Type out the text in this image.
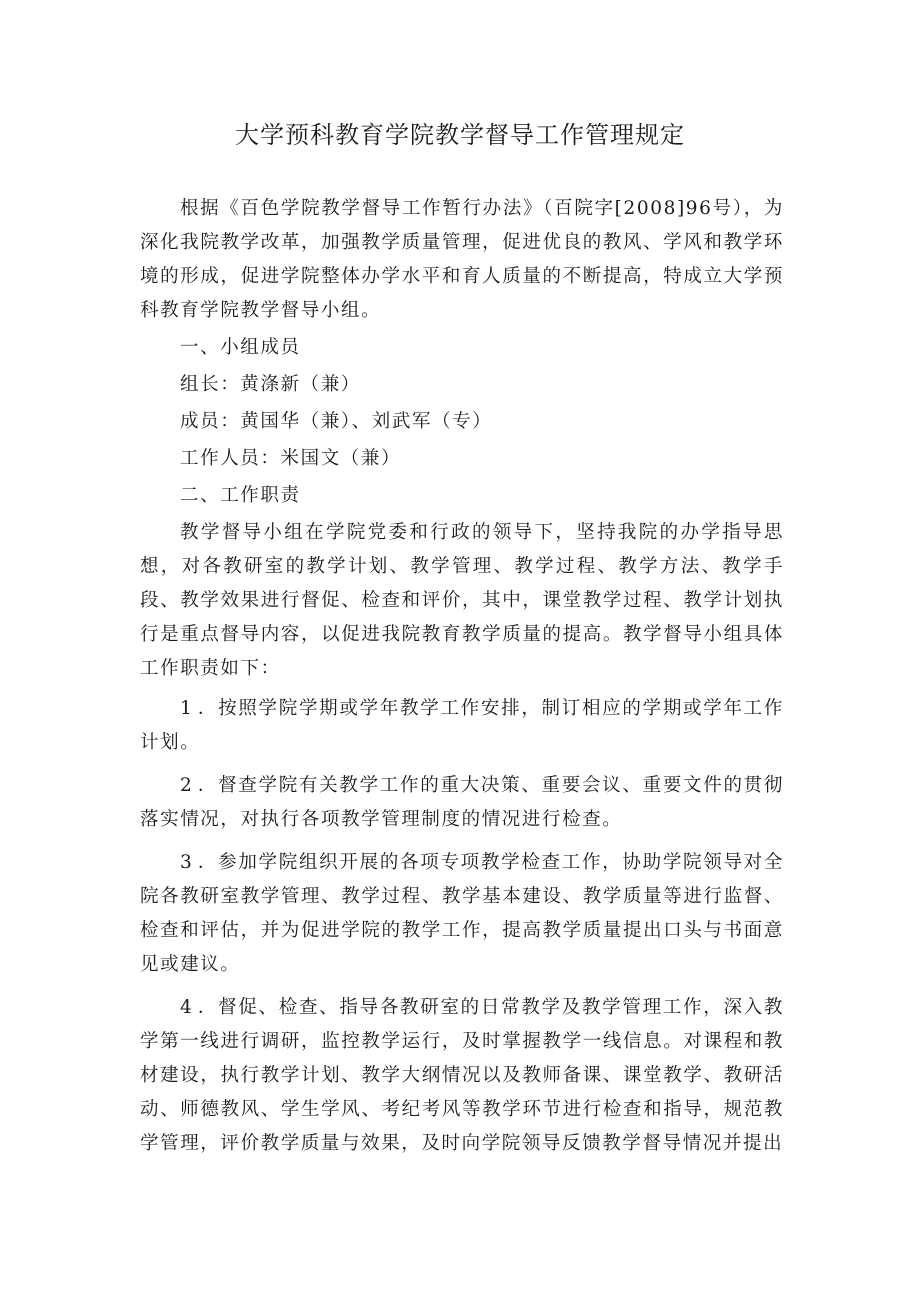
大学预科教育学院教学督导工作管理规定

根据《百色学院教学督导工作暂行办法》（百院字[2008]96号），为深化我院教学改革，加强教学质量管理，促进优良的教风、学风和教学环境的形成，促进学院整体办学水平和育人质量的不断提高，特成立大学预科教育学院教学督导小组。

一、小组成员

组长：黄涤新（兼）

成员：黄国华（兼）、刘武军（专）

工作人员：米国文（兼）

二、工作职责

教学督导小组在学院党委和行政的领导下，坚持我院的办学指导思想，对各教研室的教学计划、教学管理、教学过程、教学方法、教学手段、教学效果进行督促、检查和评价，其中，课堂教学过程、教学计划执行是重点督导内容，以促进我院教育教学质量的提高。教学督导小组具体工作职责如下：

1．按照学院学期或学年教学工作安排，制订相应的学期或学年工作计划。

2．督查学院有关教学工作的重大决策、重要会议、重要文件的贯彻落实情况，对执行各项教学管理制度的情况进行检查。

3．参加学院组织开展的各项专项教学检查工作，协助学院领导对全院各教研室教学管理、教学过程、教学基本建设、教学质量等进行监督、检查和评估，并为促进学院的教学工作，提高教学质量提出口头与书面意见或建议。

4．督促、检查、指导各教研室的日常教学及教学管理工作，深入教学第一线进行调研，监控教学运行，及时掌握教学一线信息。对课程和教材建设，执行教学计划、教学大纲情况以及教师备课、课堂教学、教研活动、师德教风、学生学风、考纪考风等教学环节进行检查和指导，规范教学管理，评价教学质量与效果，及时向学院领导反馈教学督导情况并提出
